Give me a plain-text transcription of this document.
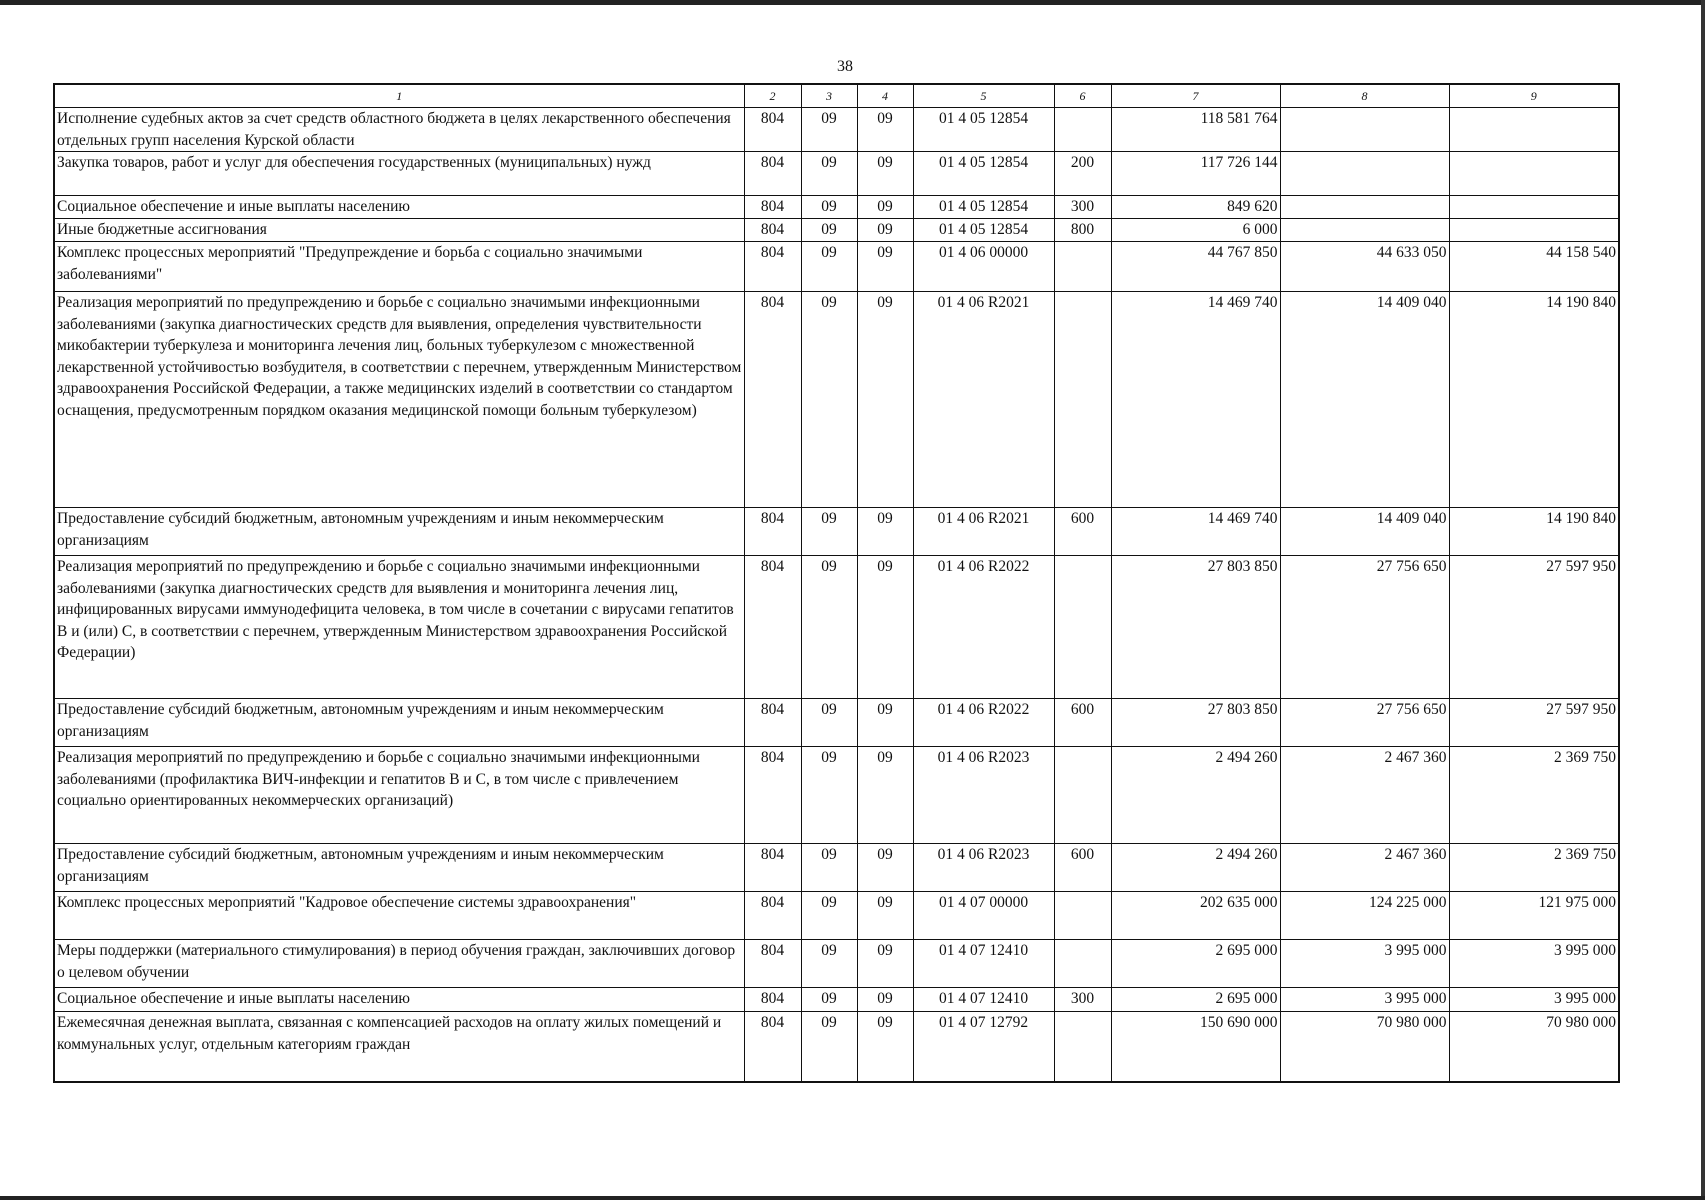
38
1	2	3	4	5	6	7	8	9
Исполнение судебных актов за счет средств областного бюджета в целях лекарственного обеспечения отдельных групп населения Курской области	804	09	09	01 4 05 12854		118 581 764		
Закупка товаров, работ и услуг для обеспечения государственных (муниципальных) нужд	804	09	09	01 4 05 12854	200	117 726 144		
Социальное обеспечение и иные выплаты населению	804	09	09	01 4 05 12854	300	849 620		
Иные бюджетные ассигнования	804	09	09	01 4 05 12854	800	6 000		
Комплекс процессных мероприятий "Предупреждение и борьба с социально значимыми заболеваниями"	804	09	09	01 4 06 00000		44 767 850	44 633 050	44 158 540
Реализация мероприятий по предупреждению и борьбе с социально значимыми инфекционными заболеваниями (закупка диагностических средств для выявления, определения чувствительности микобактерии туберкулеза и мониторинга лечения лиц, больных туберкулезом с множественной лекарственной устойчивостью возбудителя, в соответствии с перечнем, утвержденным Министерством здравоохранения Российской Федерации, а также медицинских изделий в соответствии со стандартом оснащения, предусмотренным порядком оказания медицинской помощи больным туберкулезом)	804	09	09	01 4 06 R2021		14 469 740	14 409 040	14 190 840
Предоставление субсидий бюджетным, автономным учреждениям и иным некоммерческим организациям	804	09	09	01 4 06 R2021	600	14 469 740	14 409 040	14 190 840
Реализация мероприятий по предупреждению и борьбе с социально значимыми инфекционными заболеваниями (закупка диагностических средств для выявления и мониторинга лечения лиц, инфицированных вирусами иммунодефицита человека, в том числе в сочетании с вирусами гепатитов B и (или) C, в соответствии с перечнем, утвержденным Министерством здравоохранения Российской Федерации)	804	09	09	01 4 06 R2022		27 803 850	27 756 650	27 597 950
Предоставление субсидий бюджетным, автономным учреждениям и иным некоммерческим организациям	804	09	09	01 4 06 R2022	600	27 803 850	27 756 650	27 597 950
Реализация мероприятий по предупреждению и борьбе с социально значимыми инфекционными заболеваниями (профилактика ВИЧ-инфекции и гепатитов В и С, в том числе с привлечением социально ориентированных некоммерческих организаций)	804	09	09	01 4 06 R2023		2 494 260	2 467 360	2 369 750
Предоставление субсидий бюджетным, автономным учреждениям и иным некоммерческим организациям	804	09	09	01 4 06 R2023	600	2 494 260	2 467 360	2 369 750
Комплекс процессных мероприятий "Кадровое обеспечение системы здравоохранения"	804	09	09	01 4 07 00000		202 635 000	124 225 000	121 975 000
Меры поддержки (материального стимулирования) в период обучения граждан, заключивших договор о целевом обучении	804	09	09	01 4 07 12410		2 695 000	3 995 000	3 995 000
Социальное обеспечение и иные выплаты населению	804	09	09	01 4 07 12410	300	2 695 000	3 995 000	3 995 000
Ежемесячная денежная выплата, связанная с компенсацией расходов на оплату жилых помещений и коммунальных услуг, отдельным категориям граждан	804	09	09	01 4 07 12792		150 690 000	70 980 000	70 980 000
